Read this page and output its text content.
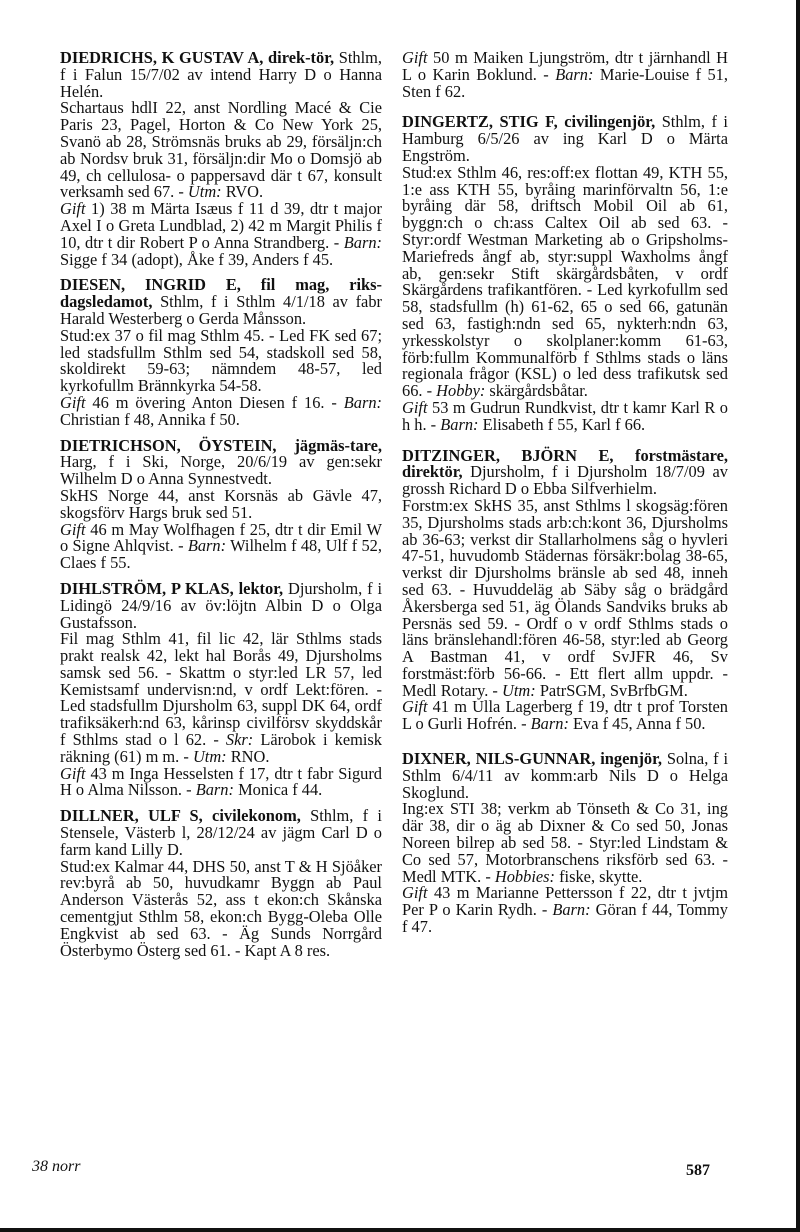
DIEDRICHS, K GUSTAV A, direk-tör, Sthlm, f i Falun 15/7/02 av intend Harry D o Hanna Helén.

Schartaus hdlI 22, anst Nordling Macé & Cie Paris 23, Pagel, Horton & Co New York 25, Svanö ab 28, Strömsnäs bruks ab 29, försäljn:ch ab Nordsv bruk 31, försäljn:dir Mo o Domsjö ab 49, ch cellulosa- o pappersavd där t 67, konsult verksamh sed 67. - Utm: RVO.

Gift 1) 38 m Märta Isæus f 11 d 39, dtr t major Axel I o Greta Lundblad, 2) 42 m Margit Philis f 10, dtr t dir Robert P o Anna Strandberg. - Barn: Sigge f 34 (adopt), Åke f 39, Anders f 45.

DIESEN, INGRID E, fil mag, riks-dagsledamot, Sthlm, f i Sthlm 4/1/18 av fabr Harald Westerberg o Gerda Månsson.

Stud:ex 37 o fil mag Sthlm 45. - Led FK sed 67; led stadsfullm Sthlm sed 54, stadskoll sed 58, skoldirekt 59-63; nämndem 48-57, led kyrkofullm Brännkyrka 54-58.

Gift 46 m övering Anton Diesen f 16. - Barn: Christian f 48, Annika f 50.

DIETRICHSON, ÖYSTEIN, jägmäs-tare, Harg, f i Ski, Norge, 20/6/19 av gen:sekr Wilhelm D o Anna Synnestvedt.

SkHS Norge 44, anst Korsnäs ab Gävle 47, skogsförv Hargs bruk sed 51.

Gift 46 m May Wolfhagen f 25, dtr t dir Emil W o Signe Ahlqvist. - Barn: Wilhelm f 48, Ulf f 52, Claes f 55.

DIHLSTRÖM, P KLAS, lektor, Djursholm, f i Lidingö 24/9/16 av öv:löjtn Albin D o Olga Gustafsson.

Fil mag Sthlm 41, fil lic 42, lär Sthlms stads prakt realsk 42, lekt hal Borås 49, Djursholms samsk sed 56. - Skattm o styr:led LR 57, led Kemistsamf undervisn:nd, v ordf Lekt:fören. - Led stadsfullm Djursholm 63, suppl DK 64, ordf trafiksäkerh:nd 63, kårinsp civilförsv skyddskår f Sthlms stad o l 62. - Skr: Lärobok i kemisk räkning (61) m m. - Utm: RNO.

Gift 43 m Inga Hesselsten f 17, dtr t fabr Sigurd H o Alma Nilsson. - Barn: Monica f 44.

DILLNER, ULF S, civilekonom, Sthlm, f i Stensele, Västerb l, 28/12/24 av jägm Carl D o farm kand Lilly D.

Stud:ex Kalmar 44, DHS 50, anst T & H Sjöåker rev:byrå ab 50, huvudkamr Byggn ab Paul Anderson Västerås 52, ass t ekon:ch Skånska cementgjut Sthlm 58, ekon:ch Bygg-Oleba Olle Engkvist ab sed 63. - Äg Sunds Norrgård Österbymo Österg sed 61. - Kapt A 8 res.

Gift 50 m Maiken Ljungström, dtr t järnhandl H L o Karin Boklund. - Barn: Marie-Louise f 51, Sten f 62.

DINGERTZ, STIG F, civilingenjör, Sthlm, f i Hamburg 6/5/26 av ing Karl D o Märta Engström.

Stud:ex Sthlm 46, res:off:ex flottan 49, KTH 55, 1:e ass KTH 55, byråing marinförvaltn 56, 1:e byråing där 58, driftsch Mobil Oil ab 61, byggn:ch o ch:ass Caltex Oil ab sed 63. - Styr:ordf Westman Marketing ab o Gripsholms-Mariefreds ångf ab, styr:suppl Waxholms ångf ab, gen:sekr Stift skärgårdsbåten, v ordf Skärgårdens trafikantfören. - Led kyrkofullm sed 58, stadsfullm (h) 61-62, 65 o sed 66, gatunän sed 63, fastigh:ndn sed 65, nykterh:ndn 63, yrkesskolstyr o skolplaner:komm 61-63, förb:fullm Kommunalförb f Sthlms stads o läns regionala frågor (KSL) o led dess trafikutsk sed 66. - Hobby: skärgårdsbåtar.

Gift 53 m Gudrun Rundkvist, dtr t kamr Karl R o h h. - Barn: Elisabeth f 55, Karl f 66.

DITZINGER, BJÖRN E, forstmästare, direktör, Djursholm, f i Djursholm 18/7/09 av grossh Richard D o Ebba Silfverhielm.

Forstm:ex SkHS 35, anst Sthlms l skogsäg:fören 35, Djursholms stads arb:ch:kont 36, Djursholms ab 36-63; verkst dir Stallarholmens såg o hyvleri 47-51, huvudomb Städernas försäkr:bolag 38-65, verkst dir Djursholms bränsle ab sed 48, inneh sed 63. - Huvuddeläg ab Säby såg o brädgård Åkersberga sed 51, äg Ölands Sandviks bruks ab Persnäs sed 59. - Ordf o v ordf Sthlms stads o läns bränslehandl:fören 46-58, styr:led ab Georg A Bastman 41, v ordf SvJFR 46, Sv forstmäst:förb 56-66. - Ett flert allm uppdr. - Medl Rotary. - Utm: PatrSGM, SvBrfbGM.

Gift 41 m Ulla Lagerberg f 19, dtr t prof Torsten L o Gurli Hofrén. - Barn: Eva f 45, Anna f 50.

DIXNER, NILS-GUNNAR, ingenjör, Solna, f i Sthlm 6/4/11 av komm:arb Nils D o Helga Skoglund.

Ing:ex STI 38; verkm ab Tönseth & Co 31, ing där 38, dir o äg ab Dixner & Co sed 50, Jonas Noreen bilrep ab sed 58. - Styr:led Lindstam & Co sed 57, Motorbranschens riksförb sed 63. - Medl MTK. - Hobbies: fiske, skytte.

Gift 43 m Marianne Pettersson f 22, dtr t jvtjm Per P o Karin Rydh. - Barn: Göran f 44, Tommy f 47.

38 norr	587
